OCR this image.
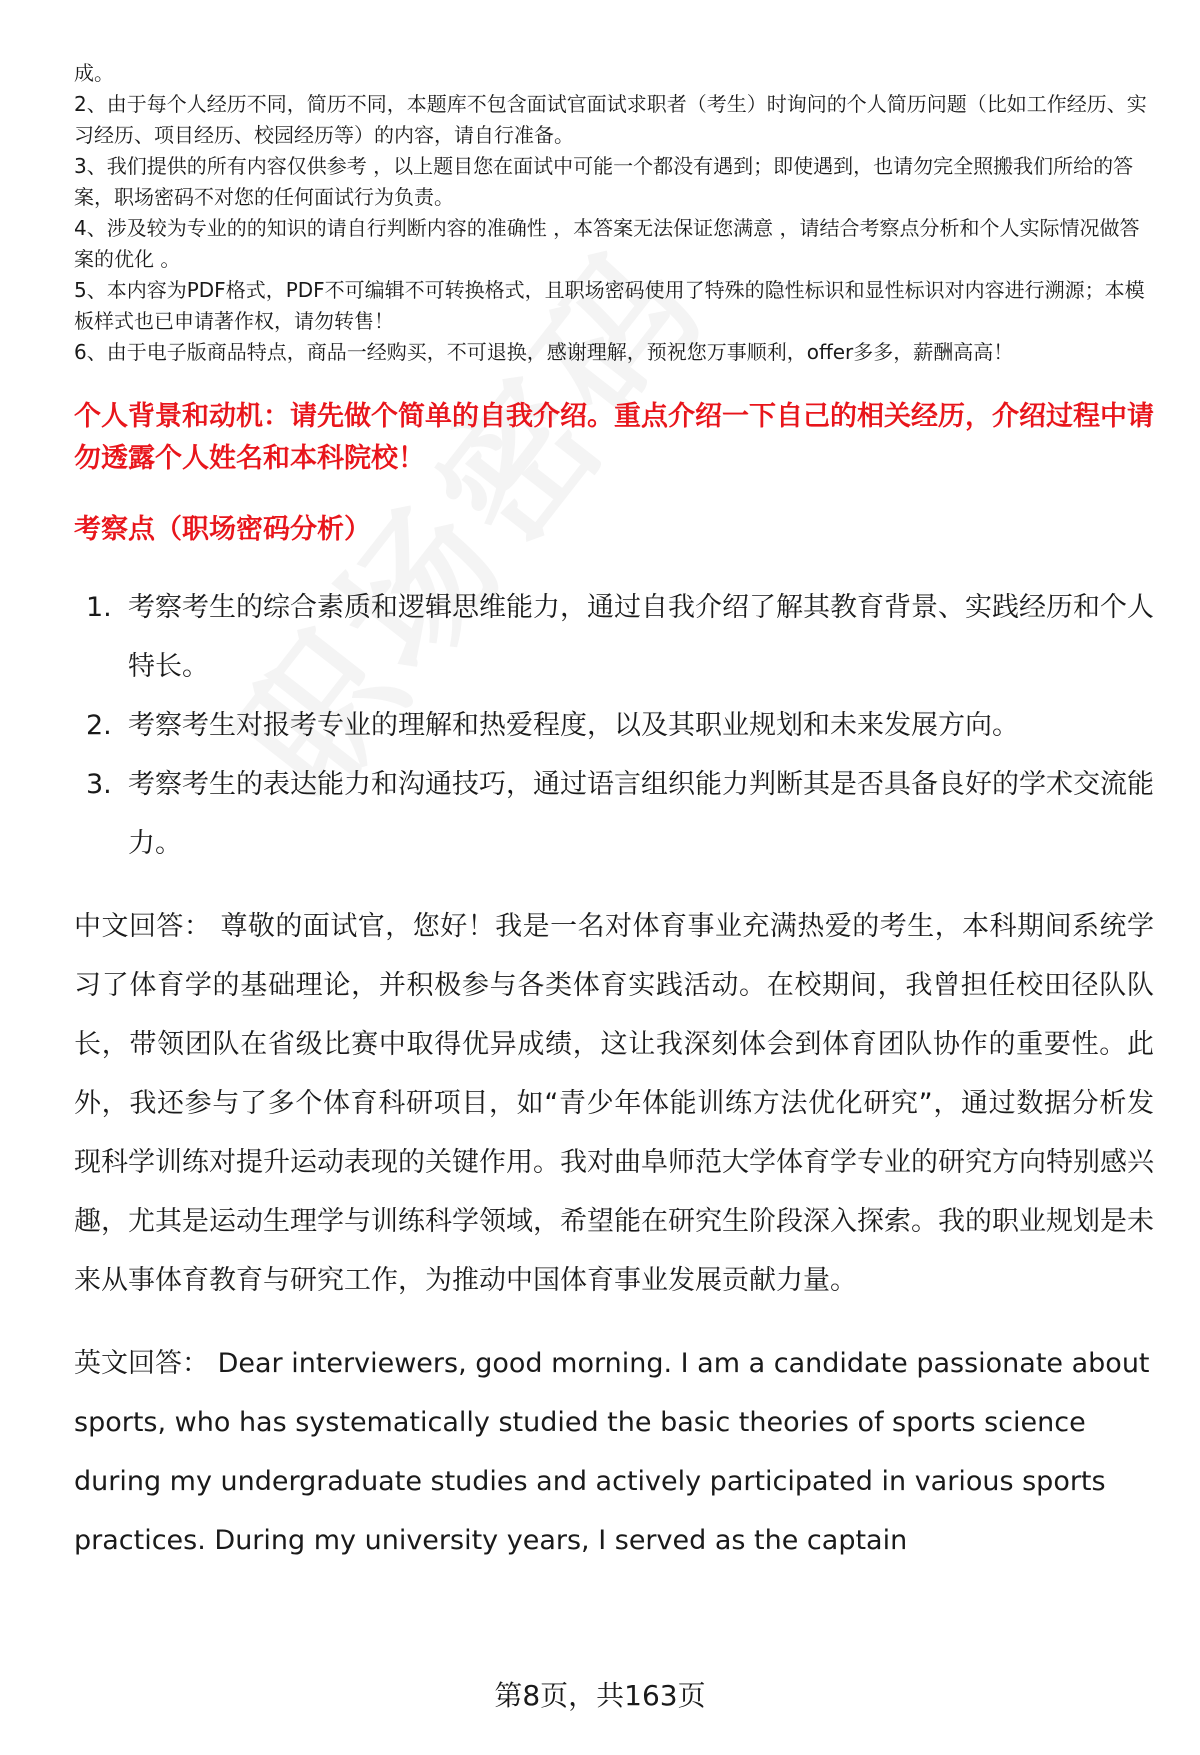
成。

2、由于每个人经历不同，简历不同，本题库不包含面试官面试求职者（考生）时询问的个人简历问题（比如工作经历、实习经历、项目经历、校园经历等）的内容，请自行准备。

3、我们提供的所有内容仅供参考 ，以上题目您在面试中可能一个都没有遇到；即使遇到，也请勿完全照搬我们所给的答案，职场密码不对您的任何面试行为负责。

4、涉及较为专业的的知识的请自行判断内容的准确性 ，本答案无法保证您满意 ，请结合考察点分析和个人实际情况做答案的优化 。

5、本内容为PDF格式，PDF不可编辑不可转换格式，且职场密码使用了特殊的隐性标识和显性标识对内容进行溯源；本模板样式也已申请著作权，请勿转售！

6、由于电子版商品特点，商品一经购买，不可退换，感谢理解，预祝您万事顺利，offer多多，薪酬高高！

个人背景和动机：请先做个简单的自我介绍。重点介绍一下自己的相关经历，介绍过程中请勿透露个人姓名和本科院校！
考察点（职场密码分析）
1. 考察考生的综合素质和逻辑思维能力，通过自我介绍了解其教育背景、实践经历和个人特长。
2. 考察考生对报考专业的理解和热爱程度，以及其职业规划和未来发展方向。
3. 考察考生的表达能力和沟通技巧，通过语言组织能力判断其是否具备良好的学术交流能力。
中文回答： 尊敬的面试官，您好！我是一名对体育事业充满热爱的考生，本科期间系统学习了体育学的基础理论，并积极参与各类体育实践活动。在校期间，我曾担任校田径队队长，带领团队在省级比赛中取得优异成绩，这让我深刻体会到体育团队协作的重要性。此外，我还参与了多个体育科研项目，如“青少年体能训练方法优化研究”，通过数据分析发现科学训练对提升运动表现的关键作用。我对曲阜师范大学体育学专业的研究方向特别感兴趣，尤其是运动生理学与训练科学领域，希望能在研究生阶段深入探索。我的职业规划是未来从事体育教育与研究工作，为推动中国体育事业发展贡献力量。
英文回答： Dear interviewers, good morning. I am a candidate passionate about sports, who has systematically studied the basic theories of sports science during my undergraduate studies and actively participated in various sports practices. During my university years, I served as the captain
第8页，共163页
